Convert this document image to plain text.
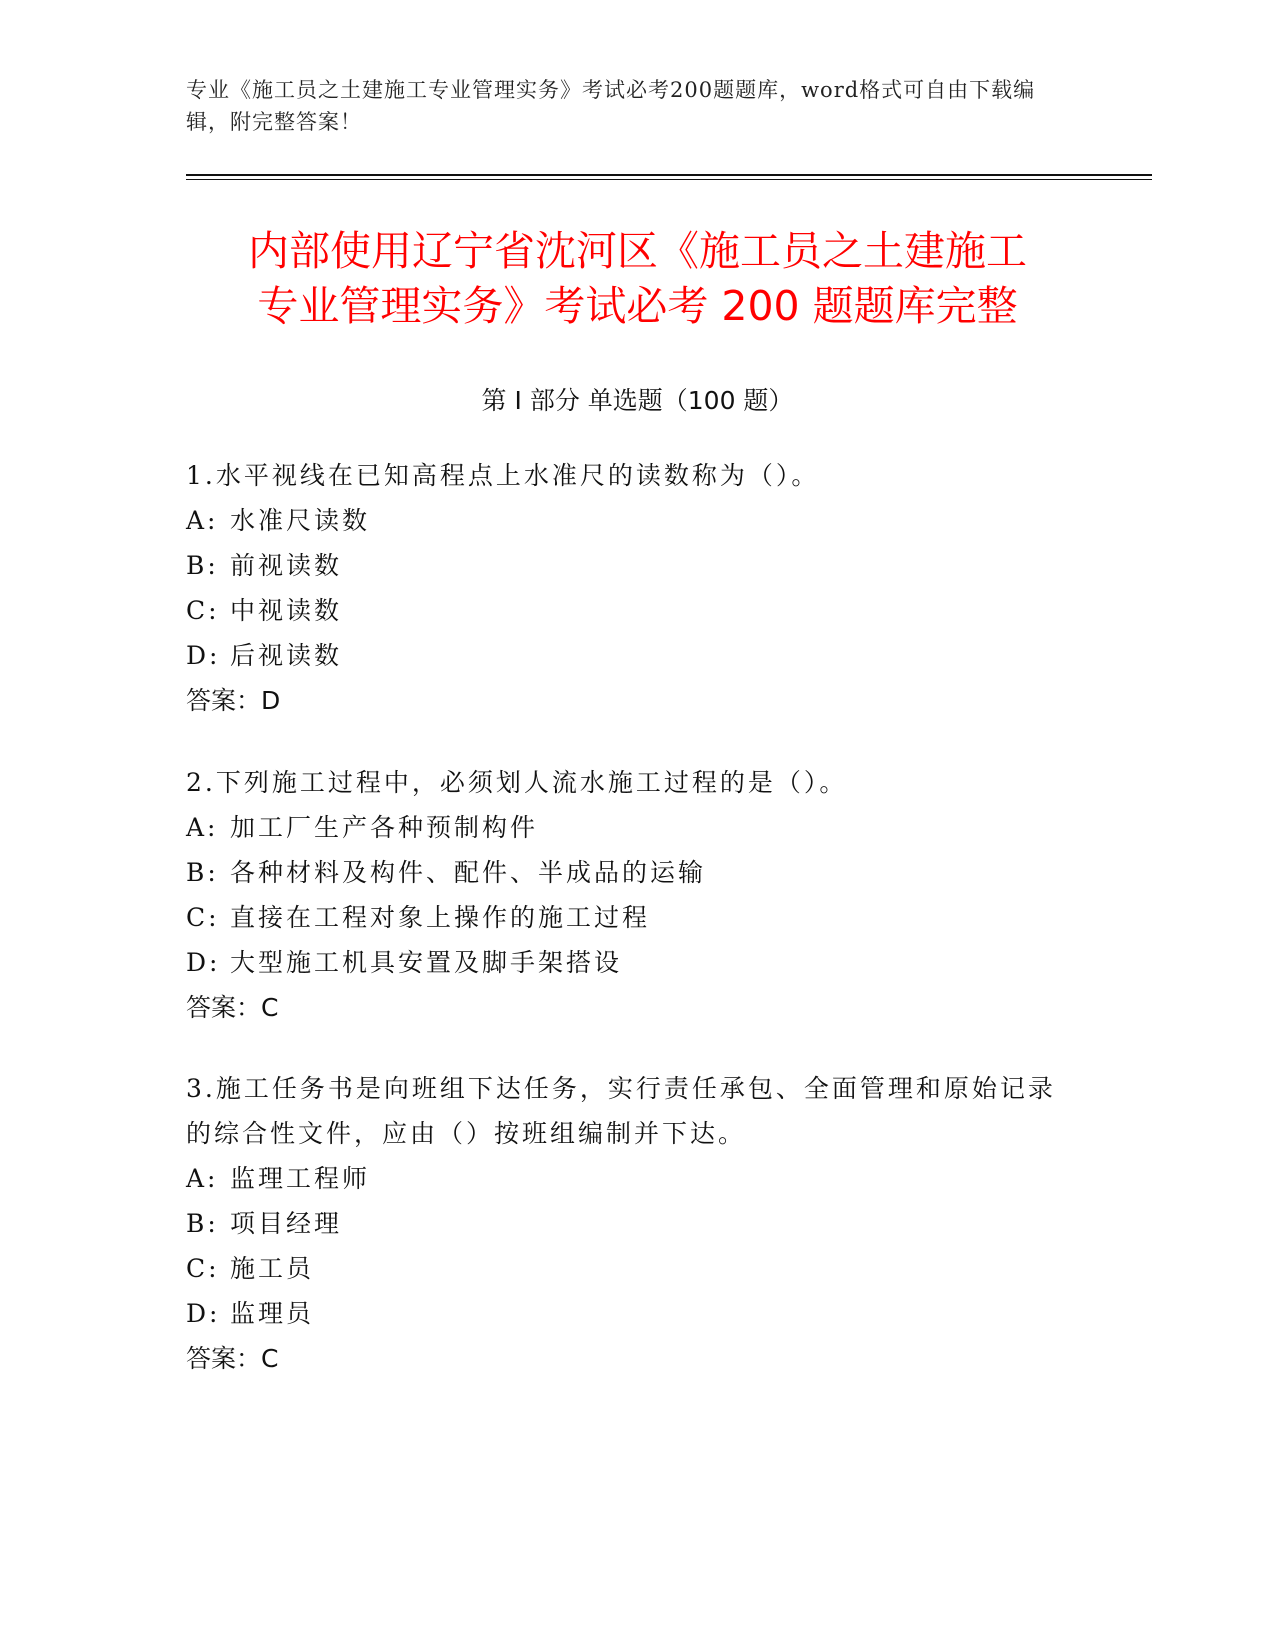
专业《施工员之土建施工专业管理实务》考试必考200题题库，word格式可自由下载编辑，附完整答案！
内部使用辽宁省沈河区《施工员之土建施工
专业管理实务》考试必考 200 题题库完整
第 I 部分 单选题（100 题）
1.水平视线在已知高程点上水准尺的读数称为（）。
A: 水准尺读数
B: 前视读数
C: 中视读数
D: 后视读数
答案：D
2.下列施工过程中，必须划人流水施工过程的是（）。
A: 加工厂生产各种预制构件
B: 各种材料及构件、配件、半成品的运输
C: 直接在工程对象上操作的施工过程
D: 大型施工机具安置及脚手架搭设
答案：C
3.施工任务书是向班组下达任务，实行责任承包、全面管理和原始记录的综合性文件，应由（）按班组编制并下达。
A: 监理工程师
B: 项目经理
C: 施工员
D: 监理员
答案：C
